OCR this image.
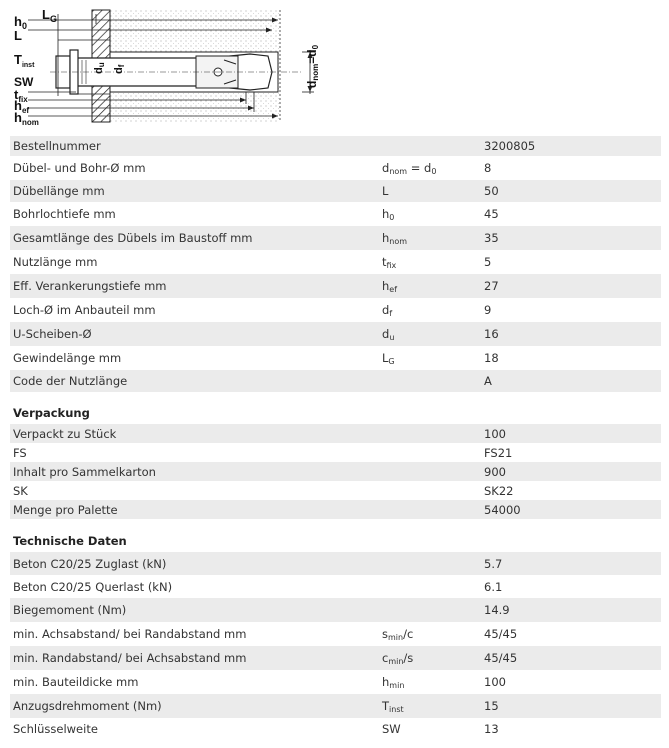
$h_0$
L
$L_G$
$T_{inst}$
SW
$t_{fix}$
$h_{ef}$
$h_{nom}$
du
df
dnom=d0
Bestellnummer	3200805
Dübel- und Bohr-Ø mm	$d_{nom} = d_0$	8
Dübellänge mm	L	50
Bohrlochtiefe mm	$h_0$	45
Gesamtlänge des Dübels im Baustoff mm	$h_{nom}$	35
Nutzlänge mm	$t_{fix}$	5
Eff. Verankerungstiefe mm	$h_{ef}$	27
Loch-Ø im Anbauteil mm	$d_f$	9
U-Scheiben-Ø	$d_u$	16
Gewindelänge mm	$L_G$	18
Code der Nutzlänge	A
Verpackung
Verpackt zu Stück	100
FS	FS21
Inhalt pro Sammelkarton	900
SK	SK22
Menge pro Palette	54000
Technische Daten
Beton C20/25 Zuglast (kN)	5.7
Beton C20/25 Querlast (kN)	6.1
Biegemoment (Nm)	14.9
min. Achsabstand/ bei Randabstand mm	$s_{min}/c$	45/45
min. Randabstand/ bei Achsabstand mm	$c_{min}/s$	45/45
min. Bauteildicke mm	$h_{min}$	100
Anzugsdrehmoment (Nm)	$T_{inst}$	15
Schlüsselweite	SW	13
